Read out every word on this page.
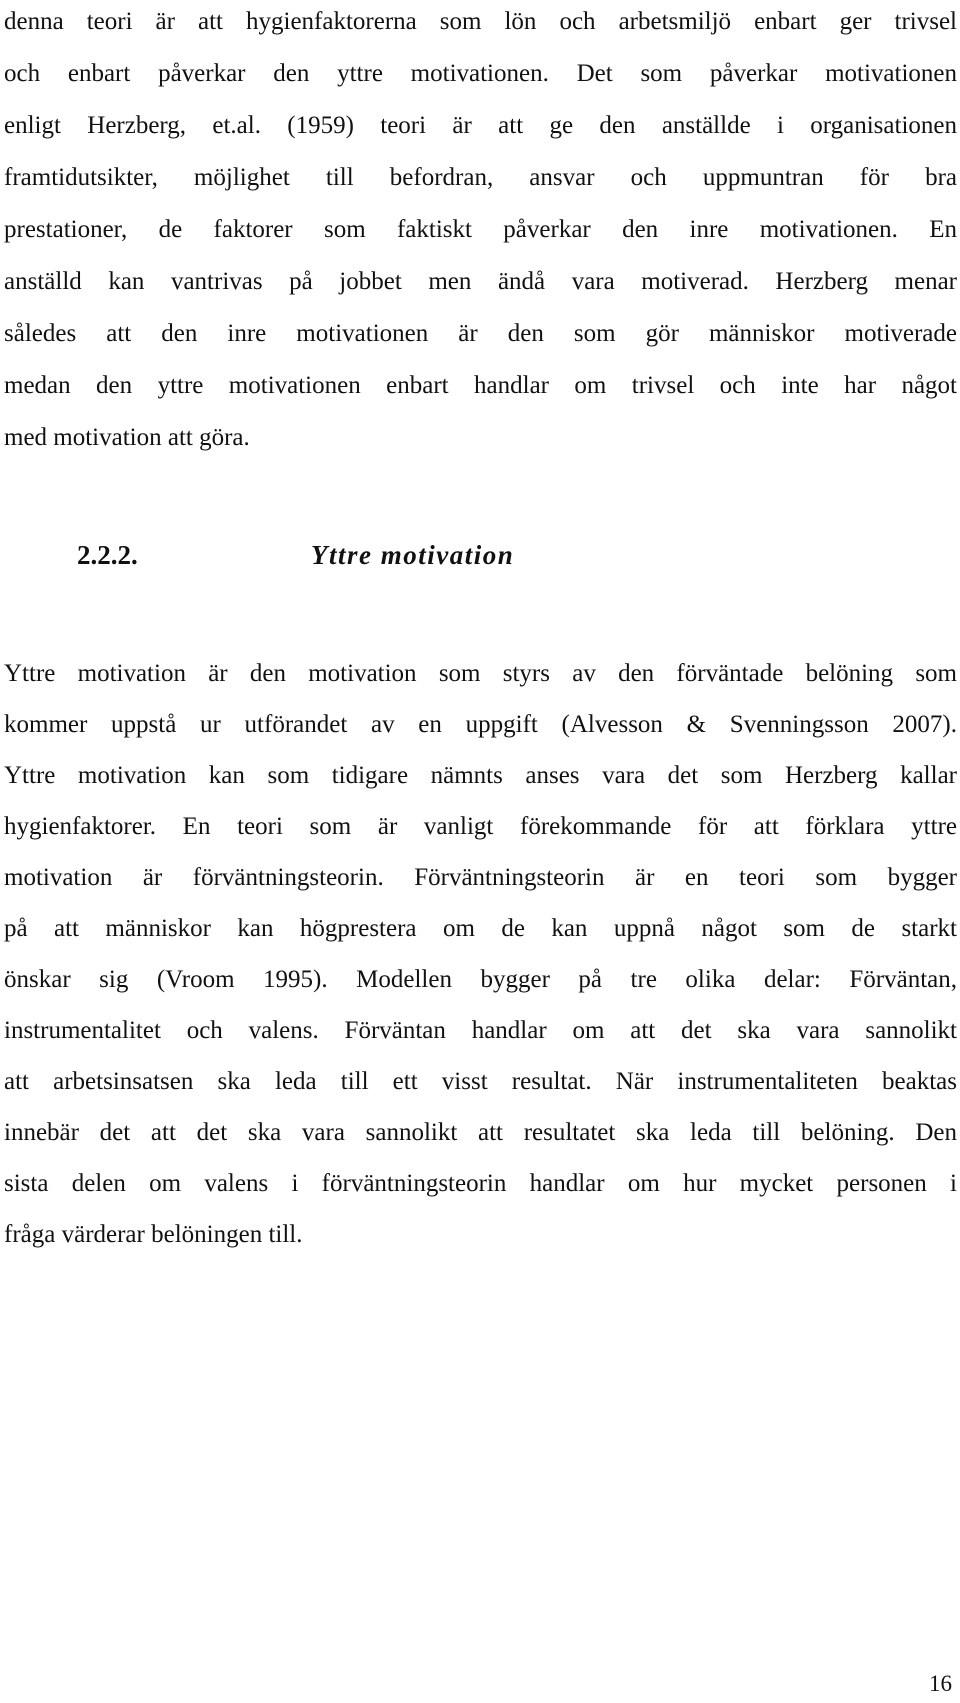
denna teori är att hygienfaktorerna som lön och arbetsmiljö enbart ger trivsel
och enbart påverkar den yttre motivationen. Det som påverkar motivationen
enligt Herzberg, et.al. (1959) teori är att ge den anställde i organisationen
framtidutsikter, möjlighet till befordran, ansvar och uppmuntran för bra
prestationer, de faktorer som faktiskt påverkar den inre motivationen. En
anställd kan vantrivas på jobbet men ändå vara motiverad. Herzberg menar
således att den inre motivationen är den som gör människor motiverade
medan den yttre motivationen enbart handlar om trivsel och inte har något
med motivation att göra.
2.2.2.	Yttre motivation
Yttre motivation är den motivation som styrs av den förväntade belöning som
kommer uppstå ur utförandet av en uppgift (Alvesson & Svenningsson 2007).
Yttre motivation kan som tidigare nämnts anses vara det som Herzberg kallar
hygienfaktorer. En teori som är vanligt förekommande för att förklara yttre
motivation är förväntningsteorin. Förväntningsteorin är en teori som bygger
på att människor kan högprestera om de kan uppnå något som de starkt
önskar sig (Vroom 1995). Modellen bygger på tre olika delar: Förväntan,
instrumentalitet och valens. Förväntan handlar om att det ska vara sannolikt
att arbetsinsatsen ska leda till ett visst resultat. När instrumentaliteten beaktas
innebär det att det ska vara sannolikt att resultatet ska leda till belöning. Den
sista delen om valens i förväntningsteorin handlar om hur mycket personen i
fråga värderar belöningen till.
16
